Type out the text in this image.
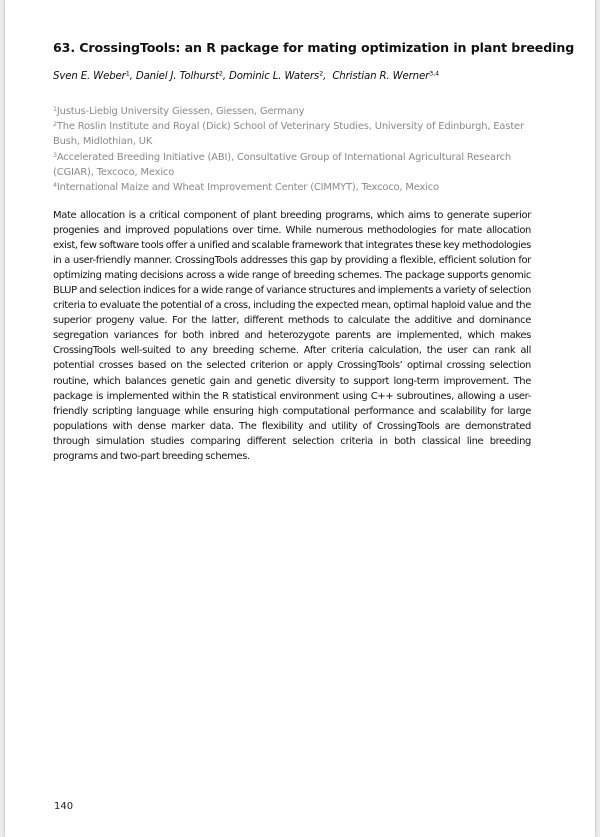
63. CrossingTools: an R package for mating optimization in plant breeding
Sven E. Weber$^1$, Daniel J. Tolhurst$^2$, Dominic L. Waters$^2$,  Christian R. Werner$^{3,4}$

$^1$Justus-Liebig University Giessen, Giessen, Germany

$^2$The Roslin Institute and Royal (Dick) School of Veterinary Studies, University of Edinburgh, Easter Bush, Midlothian, UK

$^3$Accelerated Breeding Initiative (ABI), Consultative Group of International Agricultural Research (CGIAR), Texcoco, Mexico

$^4$International Maize and Wheat Improvement Center (CIMMYT), Texcoco, Mexico

Mate allocation is a critical component of plant breeding programs, which aims to generate superior progenies and improved populations over time. While numerous methodologies for mate allocation exist, few software tools offer a unified and scalable framework that integrates these key methodologies in a user-friendly manner. CrossingTools addresses this gap by providing a flexible, efficient solution for optimizing mating decisions across a wide range of breeding schemes. The package supports genomic BLUP and selection indices for a wide range of variance structures and implements a variety of selection criteria to evaluate the potential of a cross, including the expected mean, optimal haploid value and the superior progeny value. For the latter, different methods to calculate the additive and dominance segregation variances for both inbred and heterozygote parents are implemented, which makes CrossingTools well-suited to any breeding scheme. After criteria calculation, the user can rank all potential crosses based on the selected criterion or apply CrossingTools’ optimal crossing selection routine, which balances genetic gain and genetic diversity to support long-term improvement. The package is implemented within the R statistical environment using C++ subroutines, allowing a user-friendly scripting language while ensuring high computational performance and scalability for large populations with dense marker data. The flexibility and utility of CrossingTools are demonstrated through simulation studies comparing different selection criteria in both classical line breeding programs and two-part breeding schemes.

140
